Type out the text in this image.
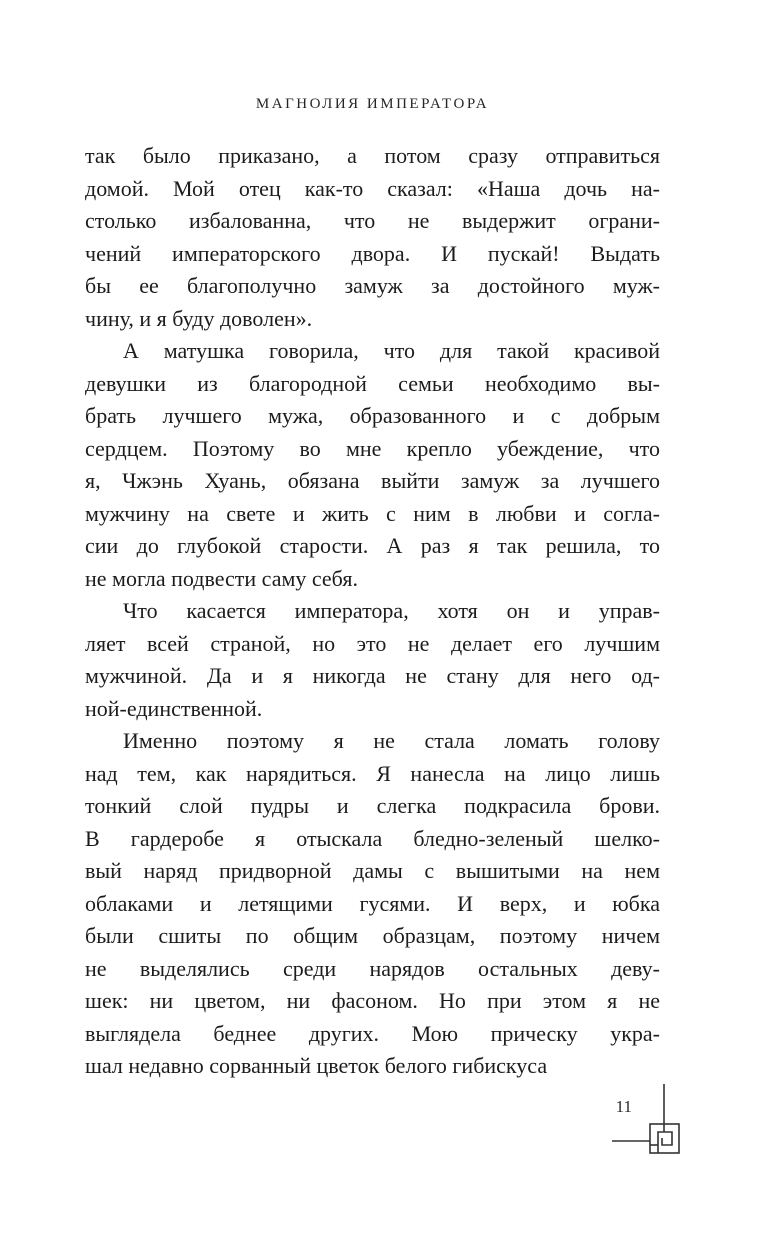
МАГНОЛИЯ ИМПЕРАТОРА
так было приказано, а потом сразу отправиться
домой. Мой отец как-то сказал: «Наша дочь на-
столько избалованна, что не выдержит ограни-
чений императорского двора. И пускай! Выдать
бы ее благополучно замуж за достойного муж-
чину, и я буду доволен».
А матушка говорила, что для такой красивой
девушки из благородной семьи необходимо вы-
брать лучшего мужа, образованного и с добрым
сердцем. Поэтому во мне крепло убеждение, что
я, Чжэнь Хуань, обязана выйти замуж за лучшего
мужчину на свете и жить с ним в любви и согла-
сии до глубокой старости. А раз я так решила, то
не могла подвести саму себя.
Что касается императора, хотя он и управ-
ляет всей страной, но это не делает его лучшим
мужчиной. Да и я никогда не стану для него од-
ной-единственной.
Именно поэтому я не стала ломать голову
над тем, как нарядиться. Я нанесла на лицо лишь
тонкий слой пудры и слегка подкрасила брови.
В гардеробе я отыскала бледно-зеленый шелко-
вый наряд придворной дамы с вышитыми на нем
облаками и летящими гусями. И верх, и юбка
были сшиты по общим образцам, поэтому ничем
не выделялись среди нарядов остальных деву-
шек: ни цветом, ни фасоном. Но при этом я не
выглядела беднее других. Мою прическу укра-
шал недавно сорванный цветок белого гибискуса
11
